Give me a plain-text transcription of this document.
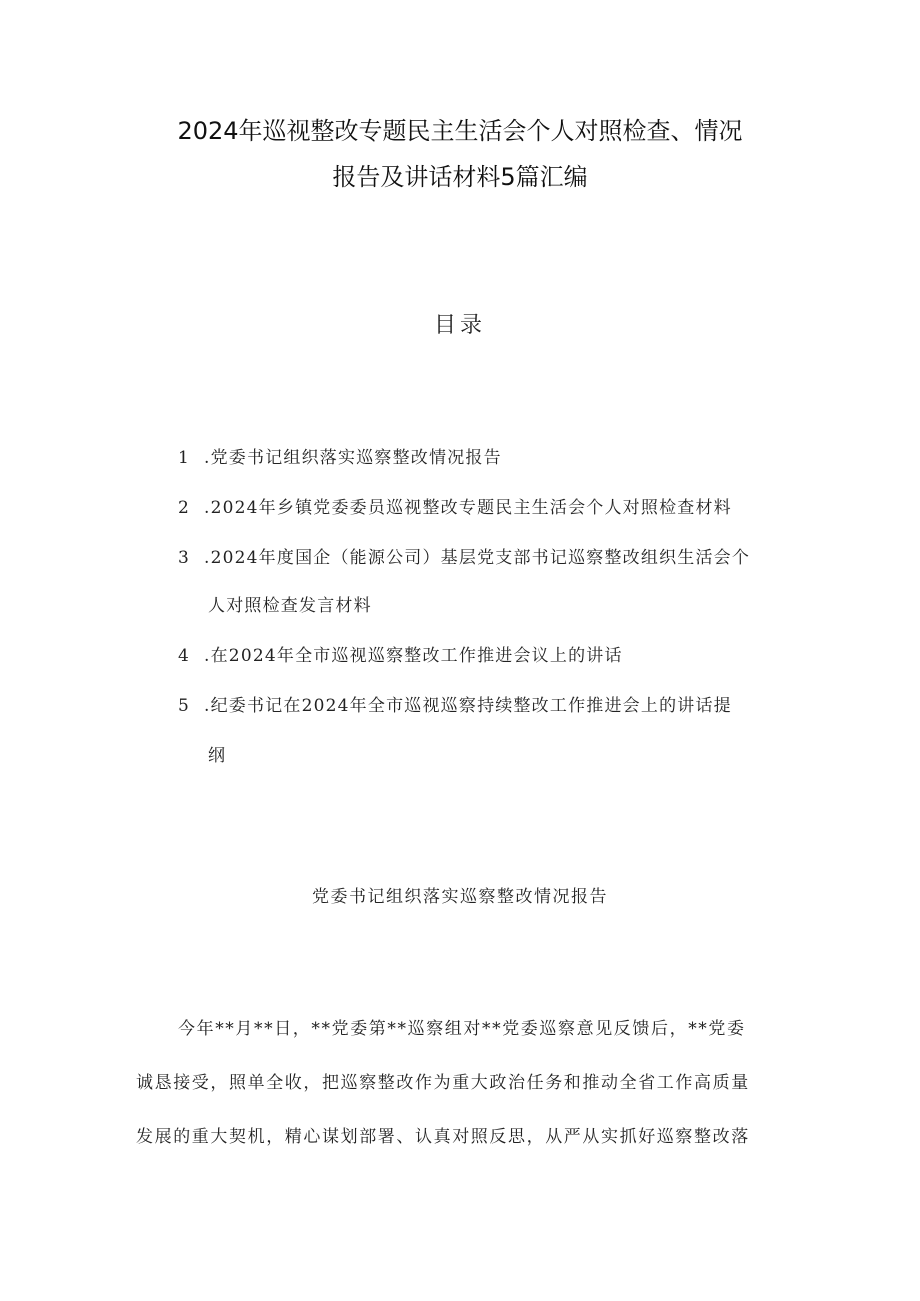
2024年巡视整改专题民主生活会个人对照检查、情况
报告及讲话材料5篇汇编
目录
1 .党委书记组织落实巡察整改情况报告
2 .2024年乡镇党委委员巡视整改专题民主生活会个人对照检查材料
3 .2024年度国企（能源公司）基层党支部书记巡察整改组织生活会个
人对照检查发言材料
4 .在2024年全市巡视巡察整改工作推进会议上的讲话
5 .纪委书记在2024年全市巡视巡察持续整改工作推进会上的讲话提
纲
党委书记组织落实巡察整改情况报告
今年**月**日，**党委第**巡察组对**党委巡察意见反馈后，**党委
诚恳接受，照单全收，把巡察整改作为重大政治任务和推动全省工作高质量
发展的重大契机，精心谋划部署、认真对照反思，从严从实抓好巡察整改落
